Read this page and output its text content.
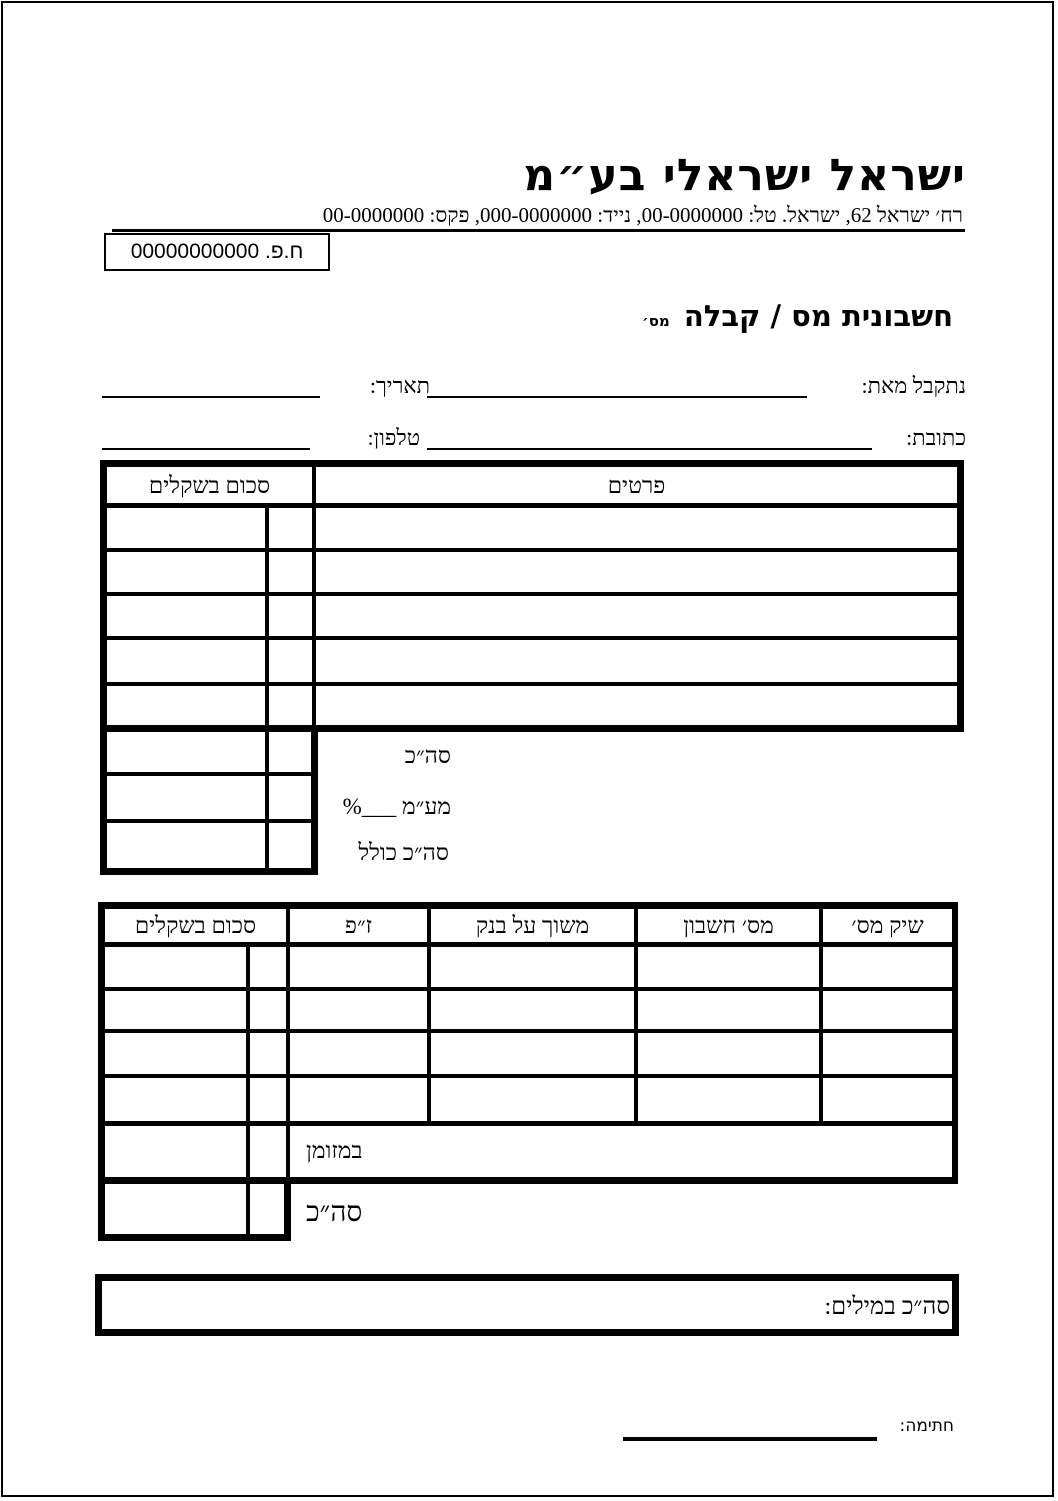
ישראל ישראלי בע״מ
רח׳ ישראל 62, ישראל. טל: 00-0000000, נייד: 000-0000000, פקס: 00-0000000
ח.פ. 00000000000
חשבונית מס / קבלה מס׳
נתקבל מאת:
תאריך:
כתובת:
טלפון:
פרטים
סכום בשקלים
סה״כ
מע״מ ___%
סה״כ כולל
שיק מס׳
מס׳ חשבון
משוך על בנק
ז״פ
סכום בשקלים
במזומן
סה״כ
סה״כ במילים:
חתימה:
